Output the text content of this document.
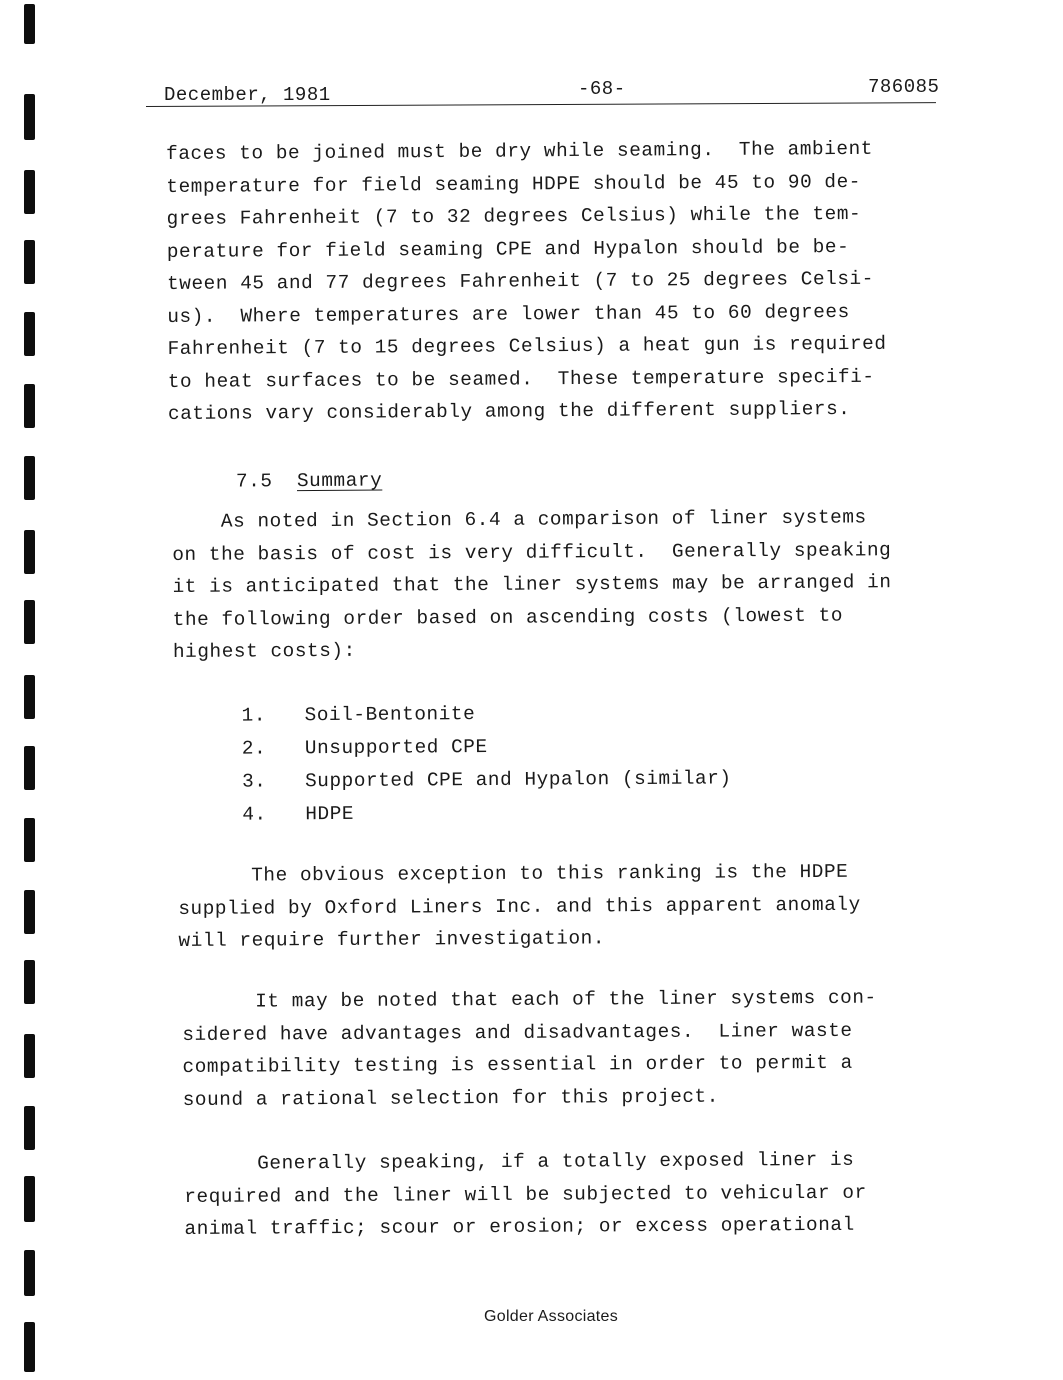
December, 1981	-68-	786085

faces to be joined must be dry while seaming.  The ambient
temperature for field seaming HDPE should be 45 to 90 de-
grees Fahrenheit (7 to 32 degrees Celsius) while the tem-
perature for field seaming CPE and Hypalon should be be-
tween 45 and 77 degrees Fahrenheit (7 to 25 degrees Celsi-
us).  Where temperatures are lower than 45 to 60 degrees
Fahrenheit (7 to 15 degrees Celsius) a heat gun is required
to heat surfaces to be seamed.  These temperature specifi-
cations vary considerably among the different suppliers.

7.5 Summary

As noted in Section 6.4 a comparison of liner systems
on the basis of cost is very difficult.  Generally speaking
it is anticipated that the liner systems may be arranged in
the following order based on ascending costs (lowest to
highest costs):

1. Soil-Bentonite
2. Unsupported CPE
3. Supported CPE and Hypalon (similar)
4. HDPE

The obvious exception to this ranking is the HDPE
supplied by Oxford Liners Inc. and this apparent anomaly
will require further investigation.

It may be noted that each of the liner systems con-
sidered have advantages and disadvantages.  Liner waste
compatibility testing is essential in order to permit a
sound a rational selection for this project.

Generally speaking, if a totally exposed liner is
required and the liner will be subjected to vehicular or
animal traffic; scour or erosion; or excess operational

Golder Associates
